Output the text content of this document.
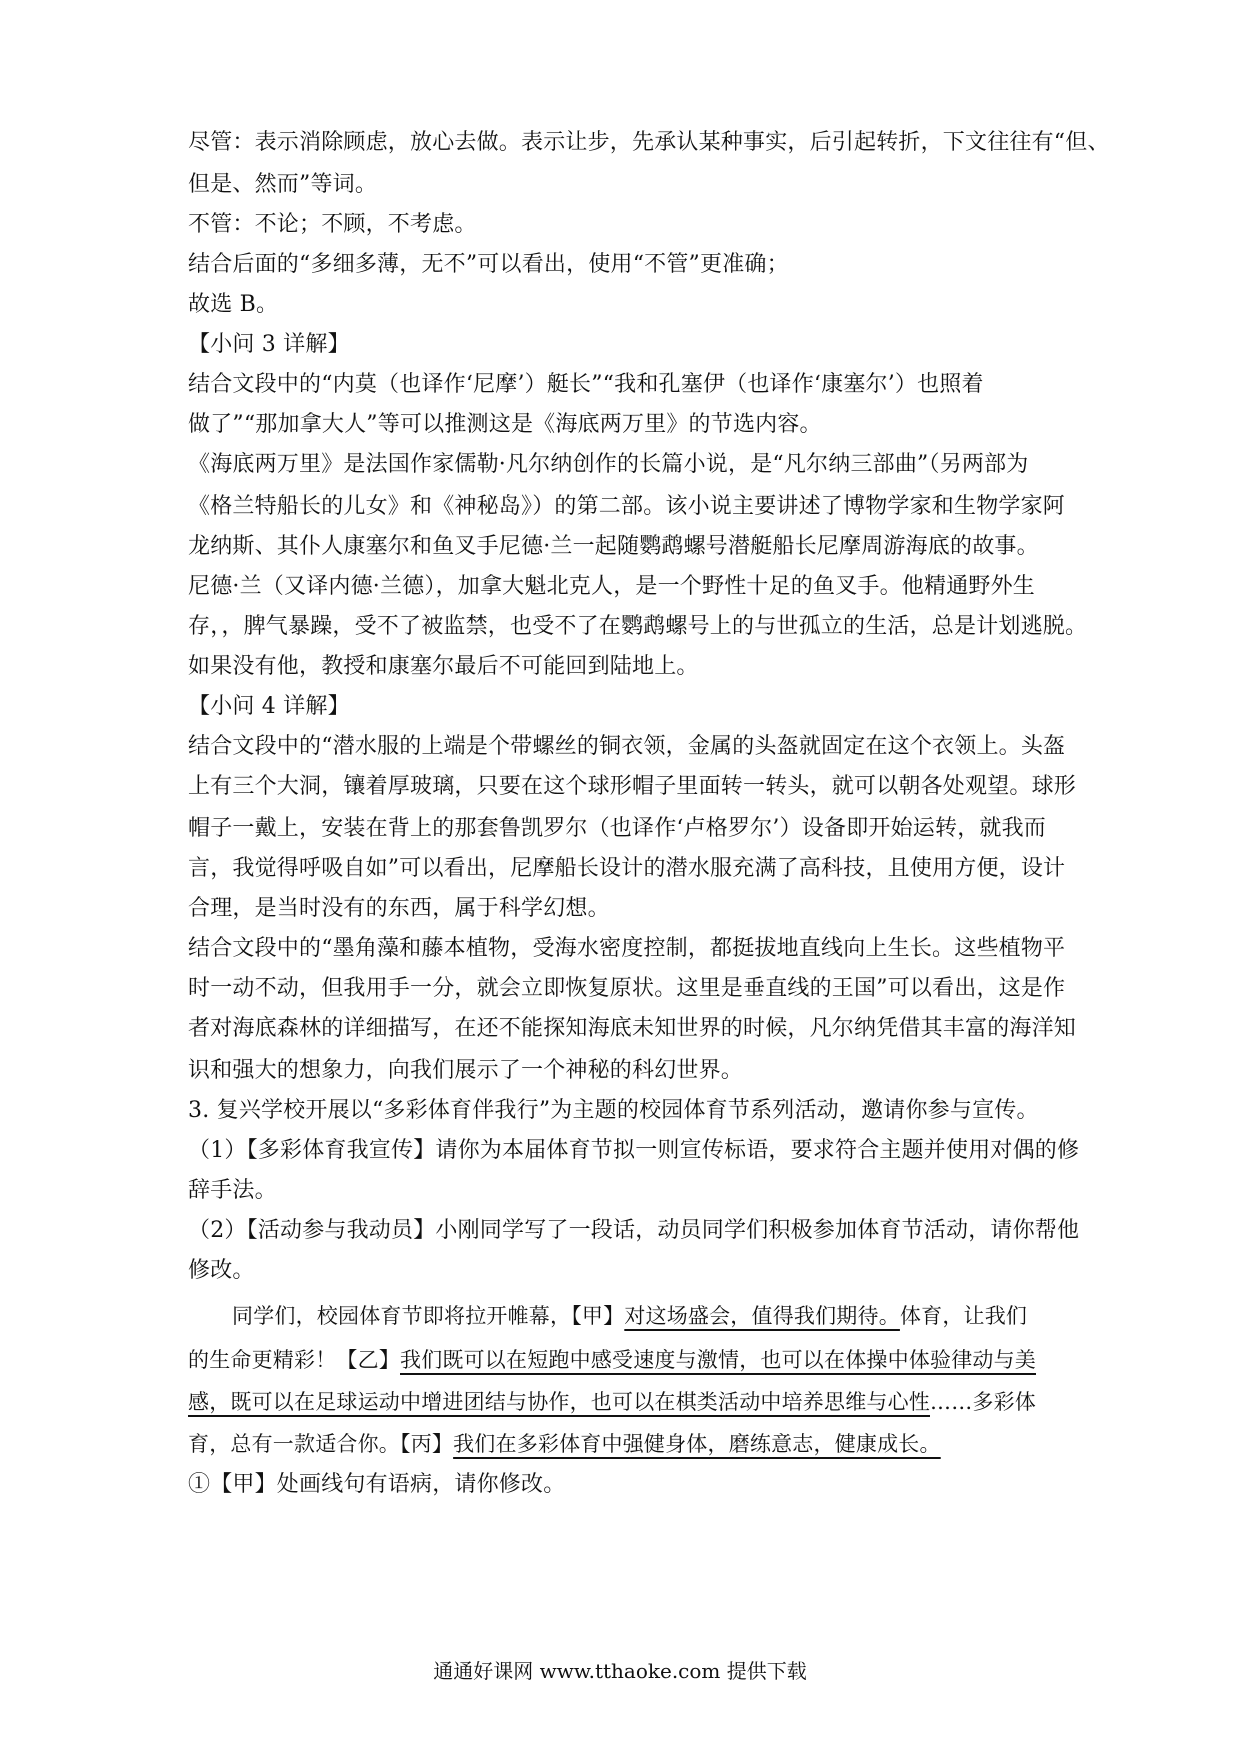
尽管：表示消除顾虑，放心去做。表示让步，先承认某种事实，后引起转折，下文往往有“但、
但是、然而”等词。
不管：不论；不顾，不考虑。
结合后面的“多细多薄，无不”可以看出，使用“不管”更准确；
故选 B。
【小问 3 详解】
结合文段中的“内莫（也译作‘尼摩’）艇长”“我和孔塞伊（也译作‘康塞尔’）也照着
做了”“那加拿大人”等可以推测这是《海底两万里》的节选内容。
《海底两万里》是法国作家儒勒·凡尔纳创作的长篇小说，是“凡尔纳三部曲”（另两部为
《格兰特船长的儿女》和《神秘岛》）的第二部。该小说主要讲述了博物学家和生物学家阿
龙纳斯、其仆人康塞尔和鱼叉手尼德·兰一起随鹦鹉螺号潜艇船长尼摩周游海底的故事。
尼德·兰（又译内德·兰德），加拿大魁北克人，是一个野性十足的鱼叉手。他精通野外生
存，，脾气暴躁，受不了被监禁，也受不了在鹦鹉螺号上的与世孤立的生活，总是计划逃脱。
如果没有他，教授和康塞尔最后不可能回到陆地上。
【小问 4 详解】
结合文段中的“潜水服的上端是个带螺丝的铜衣领，金属的头盔就固定在这个衣领上。头盔
上有三个大洞，镶着厚玻璃，只要在这个球形帽子里面转一转头，就可以朝各处观望。球形
帽子一戴上，安装在背上的那套鲁凯罗尔（也译作‘卢格罗尔’）设备即开始运转，就我而
言，我觉得呼吸自如”可以看出，尼摩船长设计的潜水服充满了高科技，且使用方便，设计
合理，是当时没有的东西，属于科学幻想。
结合文段中的“墨角藻和藤本植物，受海水密度控制，都挺拔地直线向上生长。这些植物平
时一动不动，但我用手一分，就会立即恢复原状。这里是垂直线的王国”可以看出，这是作
者对海底森林的详细描写，在还不能探知海底未知世界的时候，凡尔纳凭借其丰富的海洋知
识和强大的想象力，向我们展示了一个神秘的科幻世界。
3. 复兴学校开展以“多彩体育伴我行”为主题的校园体育节系列活动，邀请你参与宣传。
（1）【多彩体育我宣传】请你为本届体育节拟一则宣传标语，要求符合主题并使用对偶的修
辞手法。
（2）【活动参与我动员】小刚同学写了一段话，动员同学们积极参加体育节活动，请你帮他
修改。
同学们，校园体育节即将拉开帷幕，【甲】对这场盛会，值得我们期待。体育，让我们
的生命更精彩！【乙】我们既可以在短跑中感受速度与激情，也可以在体操中体验律动与美
感，既可以在足球运动中增进团结与协作，也可以在棋类活动中培养思维与心性……多彩体
育，总有一款适合你。【丙】我们在多彩体育中强健身体，磨练意志，健康成长。
①【甲】处画线句有语病，请你修改。
通通好课网 www.tthaoke.com 提供下载
